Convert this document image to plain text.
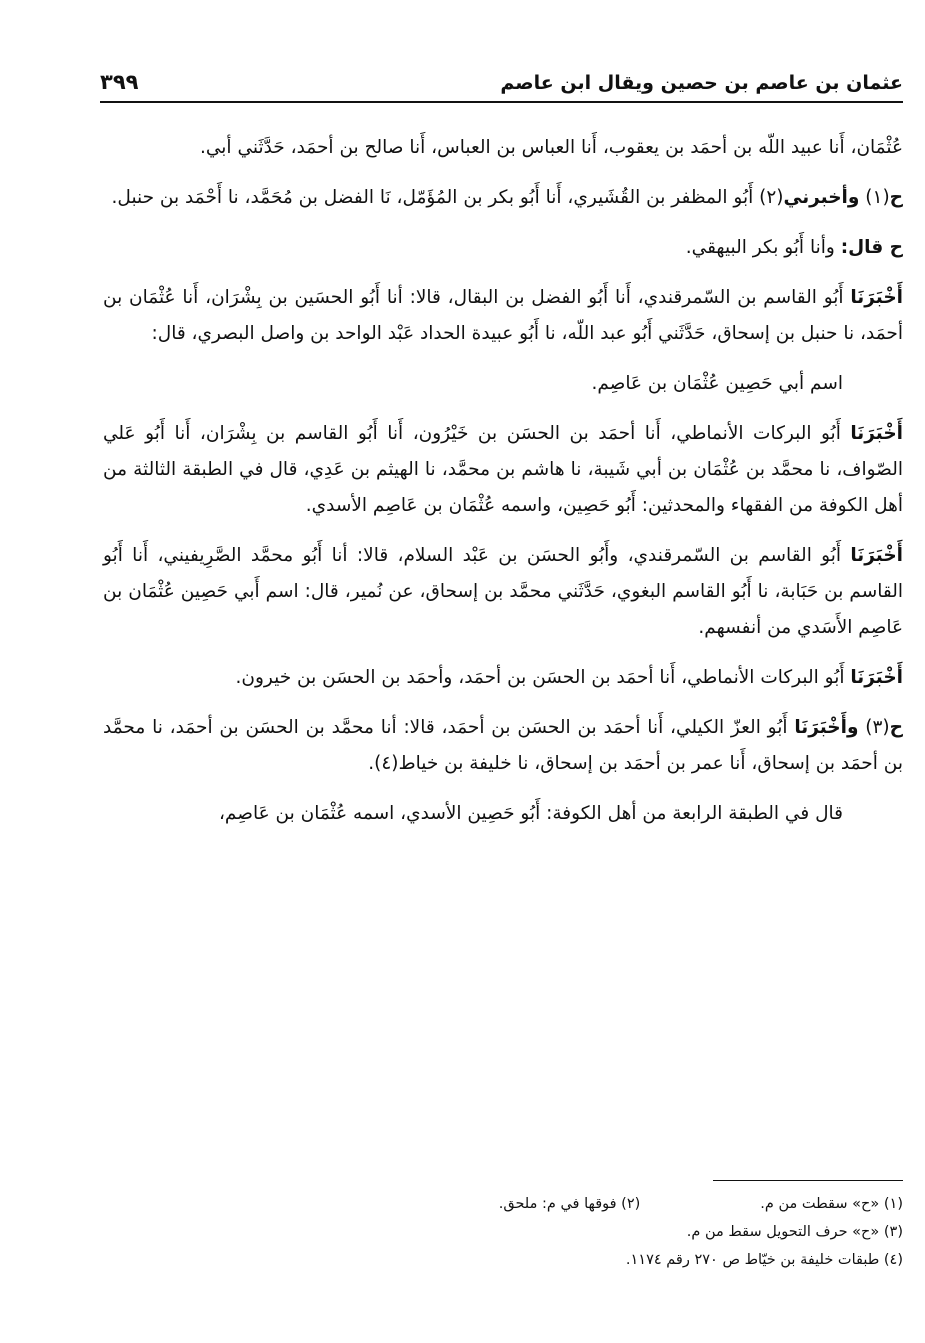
عثمان بن عاصم بن حصين ويقال ابن عاصم
٣٩٩

عُثْمَان، أَنا عبيد اللّه بن أحمَد بن يعقوب، أَنا العباس بن العباس، أَنا صالح بن أحمَد، حَدَّثَني أبي.

ح(١) وأخبرني(٢) أَبُو المظفر بن القُشَيري، أَنا أَبُو بكر بن المُؤَمّل، نَا الفضل بن مُحَمَّد، نا أَحْمَد بن حنبل.

ح قال: وأنا أَبُو بكر البيهقي.

أَخْبَرَنَا أَبُو القاسم بن السّمرقندي، أَنا أَبُو الفضل بن البقال، قالا: أنا أَبُو الحسَين بن بِشْرَان، أَنا عُثْمَان بن أحمَد، نا حنبل بن إسحاق، حَدَّثَني أَبُو عبد اللّه، نا أَبُو عبيدة الحداد عَبْد الواحد بن واصل البصري، قال:

اسم أبي حَصِين عُثْمَان بن عَاصِم.

أَخْبَرَنَا أَبُو البركات الأنماطي، أَنا أحمَد بن الحسَن بن خَيْرُون، أَنا أَبُو القاسم بن بِشْرَان، أَنا أَبُو عَلي الصّواف، نا محمَّد بن عُثْمَان بن أبي شَيبة، نا هاشم بن محمَّد، نا الهيثم بن عَدِي، قال في الطبقة الثالثة من أهل الكوفة من الفقهاء والمحدثين: أَبُو حَصِين، واسمه عُثْمَان بن عَاصِم الأسدي.

أَخْبَرَنَا أَبُو القاسم بن السّمرقندي، وأَبُو الحسَن بن عَبْد السلام، قالا: أنا أَبُو محمَّد الصَّرِيفيني، أَنا أَبُو القاسم بن حَبَابة، نا أَبُو القاسم البغوي، حَدَّثَني محمَّد بن إسحاق، عن نُمير، قال: اسم أَبي حَصِين عُثْمَان بن عَاصِم الأَسَدي من أنفسهم.

أَخْبَرَنَا أَبُو البركات الأنماطي، أَنا أحمَد بن الحسَن بن أحمَد، وأحمَد بن الحسَن بن خيرون.

ح(٣) وأَخْبَرَنَا أَبُو العزّ الكيلي، أَنا أحمَد بن الحسَن بن أحمَد، قالا: أنا محمَّد بن الحسَن بن أحمَد، نا محمَّد بن أحمَد بن إسحاق، أَنا عمر بن أحمَد بن إسحاق، نا خليفة بن خياط(٤).

قال في الطبقة الرابعة من أهل الكوفة: أَبُو حَصِين الأسدي، اسمه عُثْمَان بن عَاصِم،

(١) «ح» سقطت من م.
(٢) فوقها في م: ملحق.
(٣) «ح» حرف التحويل سقط من م.
(٤) طبقات خليفة بن خيّاط ص ٢٧٠ رقم ١١٧٤.
